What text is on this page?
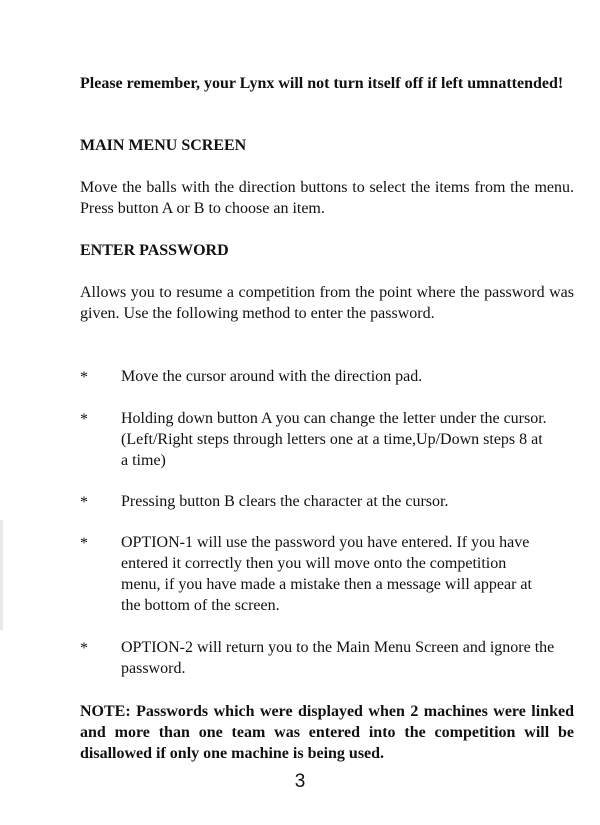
Please remember, your Lynx will not turn itself off if left umnattended!

MAIN MENU SCREEN

Move the balls with the direction buttons to select the items from the menu. Press button A or B to choose an item.

ENTER PASSWORD

Allows you to resume a competition from the point where the password was given. Use the following method to enter the password.

* Move the cursor around with the direction pad.

* Holding down button A you can change the letter under the cursor. (Left/Right steps through letters one at a time,Up/Down steps 8 at a time)

* Pressing button B clears the character at the cursor.

* OPTION-1 will use the password you have entered. If you have entered it correctly then you will move onto the competition menu, if you have made a mistake then a message will appear at the bottom of the screen.

* OPTION-2 will return you to the Main Menu Screen and ignore the password.

NOTE: Passwords which were displayed when 2 machines were linked and more than one team was entered into the competition will be disallowed if only one machine is being used.

3
